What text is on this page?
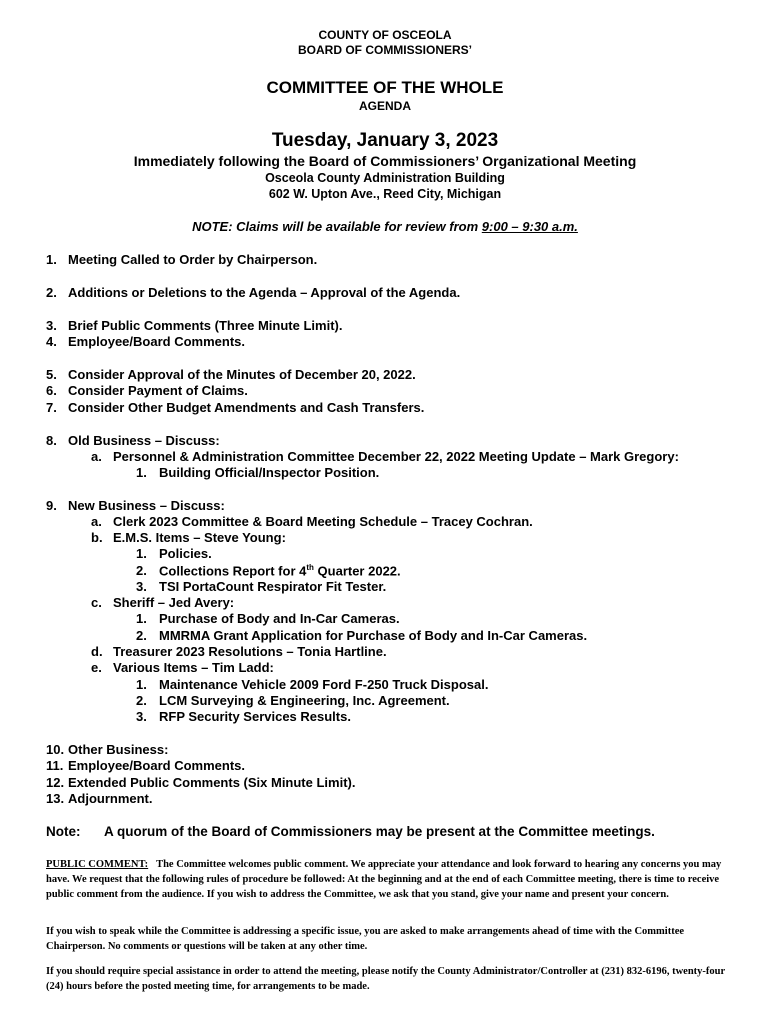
COUNTY OF OSCEOLA
BOARD OF COMMISSIONERS’
COMMITTEE OF THE WHOLE
AGENDA
Tuesday, January 3, 2023
Immediately following the Board of Commissioners’ Organizational Meeting
Osceola County Administration Building
602 W. Upton Ave., Reed City, Michigan
NOTE: Claims will be available for review from 9:00 – 9:30 a.m.
1. Meeting Called to Order by Chairperson.
2. Additions or Deletions to the Agenda – Approval of the Agenda.
3. Brief Public Comments (Three Minute Limit).
4. Employee/Board Comments.
5. Consider Approval of the Minutes of December 20, 2022.
6. Consider Payment of Claims.
7. Consider Other Budget Amendments and Cash Transfers.
8. Old Business – Discuss:
a. Personnel & Administration Committee December 22, 2022 Meeting Update – Mark Gregory:
1. Building Official/Inspector Position.
9. New Business – Discuss:
a. Clerk 2023 Committee & Board Meeting Schedule – Tracey Cochran.
b. E.M.S. Items – Steve Young:
1. Policies.
2. Collections Report for 4th Quarter 2022.
3. TSI PortaCount Respirator Fit Tester.
c. Sheriff – Jed Avery:
1. Purchase of Body and In-Car Cameras.
2. MMRMA Grant Application for Purchase of Body and In-Car Cameras.
d. Treasurer 2023 Resolutions – Tonia Hartline.
e. Various Items – Tim Ladd:
1. Maintenance Vehicle 2009 Ford F-250 Truck Disposal.
2. LCM Surveying & Engineering, Inc. Agreement.
3. RFP Security Services Results.
10. Other Business:
11. Employee/Board Comments.
12. Extended Public Comments (Six Minute Limit).
13. Adjournment.
Note: A quorum of the Board of Commissioners may be present at the Committee meetings.
PUBLIC COMMENT: The Committee welcomes public comment. We appreciate your attendance and look forward to hearing any concerns you may have. We request that the following rules of procedure be followed: At the beginning and at the end of each Committee meeting, there is time to receive public comment from the audience. If you wish to address the Committee, we ask that you stand, give your name and present your concern.
If you wish to speak while the Committee is addressing a specific issue, you are asked to make arrangements ahead of time with the Committee Chairperson. No comments or questions will be taken at any other time.
If you should require special assistance in order to attend the meeting, please notify the County Administrator/Controller at (231) 832-6196, twenty-four (24) hours before the posted meeting time, for arrangements to be made.
